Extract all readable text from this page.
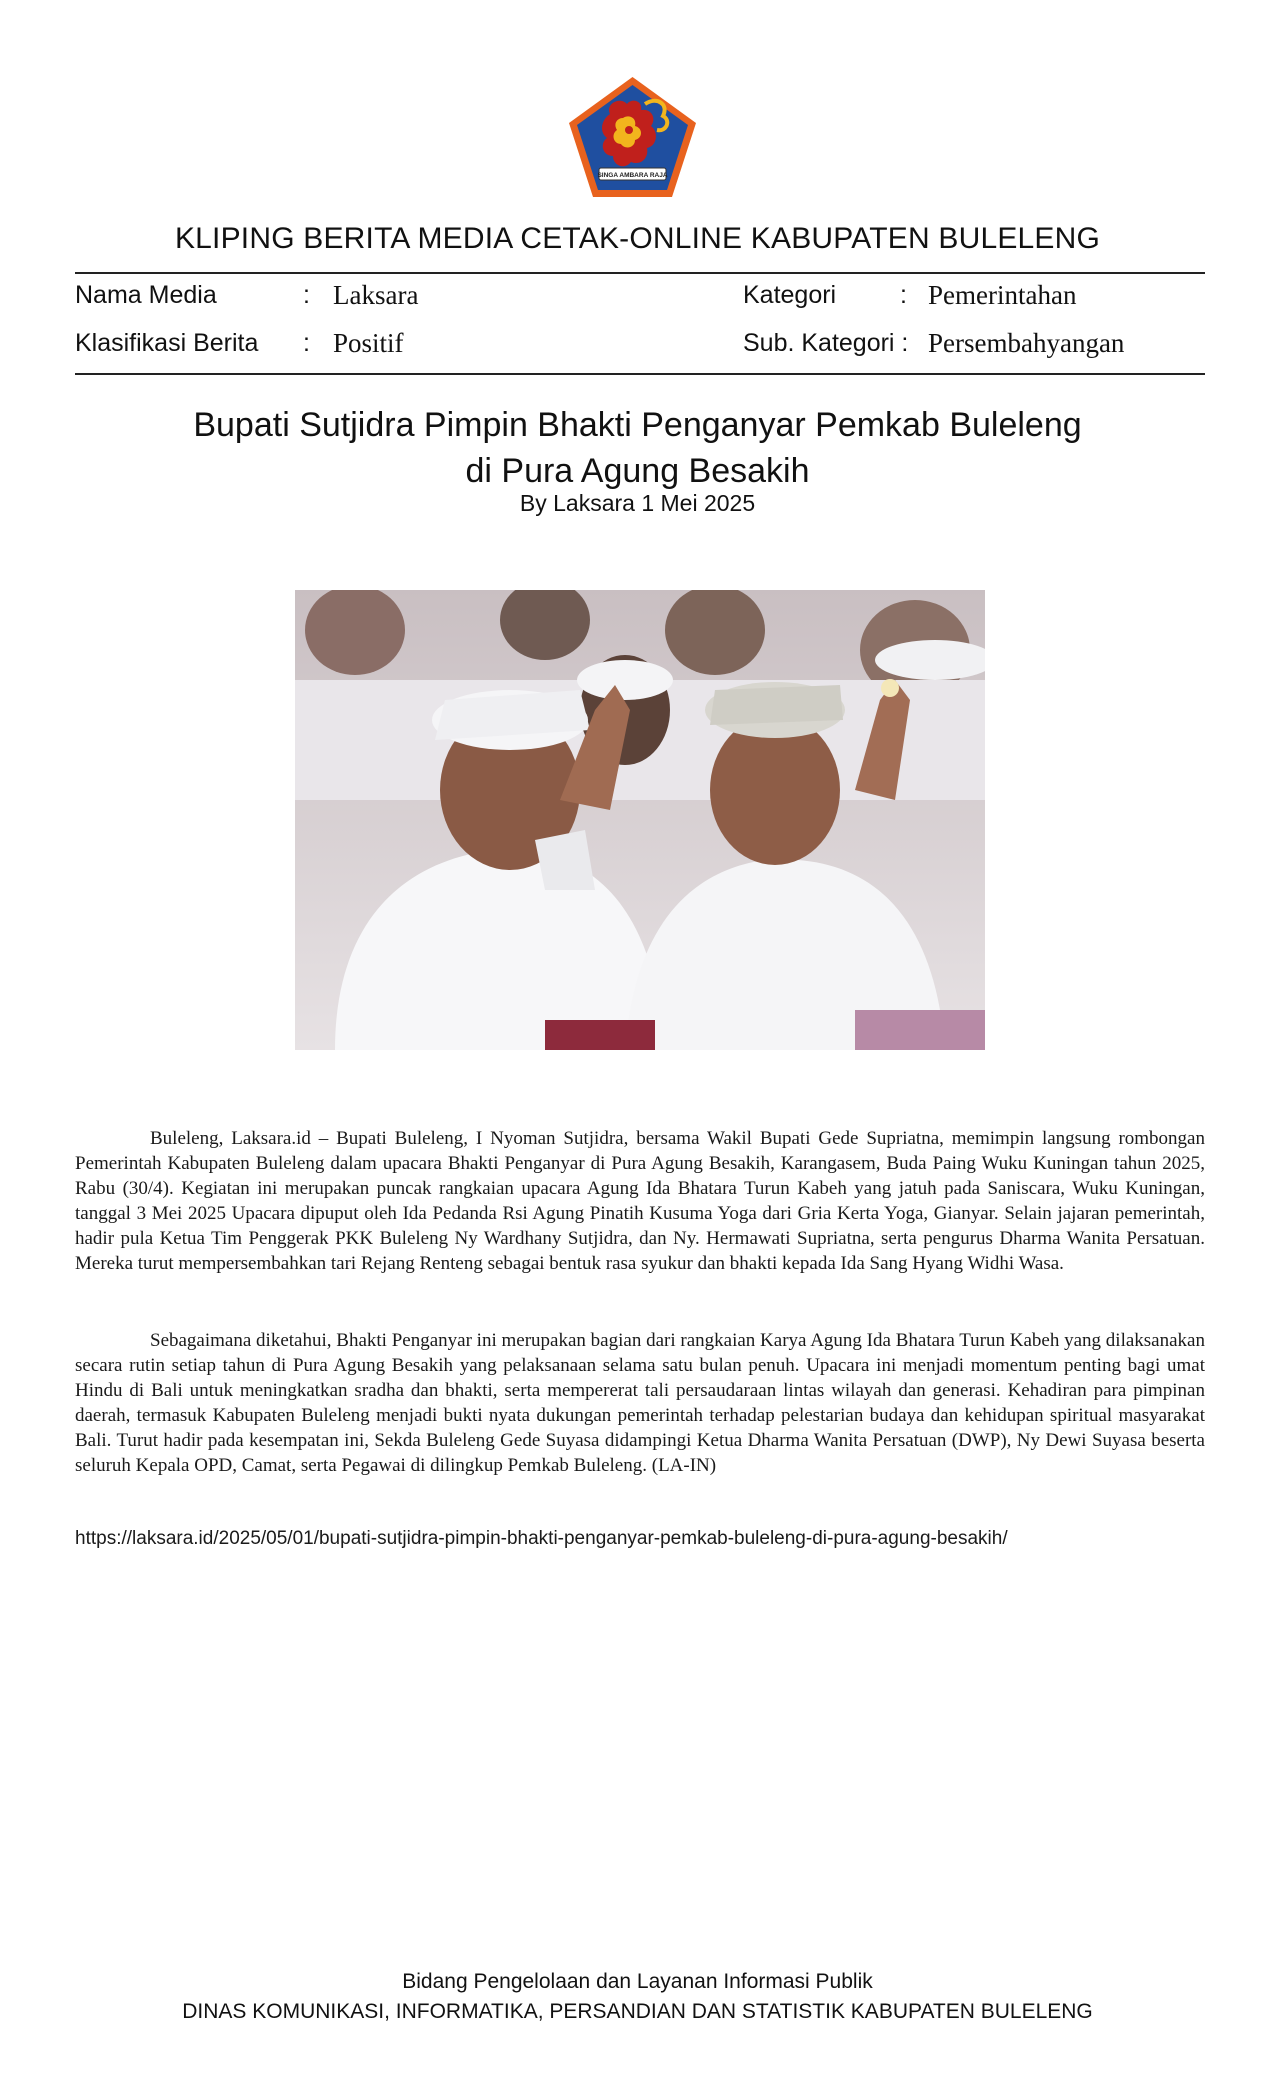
SINGA AMBARA RAJA
KLIPING BERITA MEDIA CETAK-ONLINE KABUPATEN BULELENG
Nama Media	: Laksara
Klasifikasi Berita : Positif
Kategori	: Pemerintahan
Sub. Kategori : Persembahyangan
Bupati Sutjidra Pimpin Bhakti Penganyar Pemkab Buleleng
di Pura Agung Besakih
By Laksara 1 Mei 2025
Buleleng, Laksara.id – Bupati Buleleng, I Nyoman Sutjidra, bersama Wakil Bupati Gede Supriatna, memimpin langsung rombongan Pemerintah Kabupaten Buleleng dalam upacara Bhakti Penganyar di Pura Agung Besakih, Karangasem, Buda Paing Wuku Kuningan tahun 2025, Rabu (30/4). Kegiatan ini merupakan puncak rangkaian upacara Agung Ida Bhatara Turun Kabeh yang jatuh pada Saniscara, Wuku Kuningan, tanggal 3 Mei 2025 Upacara dipuput oleh Ida Pedanda Rsi Agung Pinatih Kusuma Yoga dari Gria Kerta Yoga, Gianyar. Selain jajaran pemerintah, hadir pula Ketua Tim Penggerak PKK Buleleng Ny Wardhany Sutjidra, dan Ny. Hermawati Supriatna, serta pengurus Dharma Wanita Persatuan. Mereka turut mempersembahkan tari Rejang Renteng sebagai bentuk rasa syukur dan bhakti kepada Ida Sang Hyang Widhi Wasa.
Sebagaimana diketahui, Bhakti Penganyar ini merupakan bagian dari rangkaian Karya Agung Ida Bhatara Turun Kabeh yang dilaksanakan secara rutin setiap tahun di Pura Agung Besakih yang pelaksanaan selama satu bulan penuh. Upacara ini menjadi momentum penting bagi umat Hindu di Bali untuk meningkatkan sradha dan bhakti, serta mempererat tali persaudaraan lintas wilayah dan generasi. Kehadiran para pimpinan daerah, termasuk Kabupaten Buleleng menjadi bukti nyata dukungan pemerintah terhadap pelestarian budaya dan kehidupan spiritual masyarakat Bali. Turut hadir pada kesempatan ini, Sekda Buleleng Gede Suyasa didampingi Ketua Dharma Wanita Persatuan (DWP), Ny Dewi Suyasa beserta seluruh Kepala OPD, Camat, serta Pegawai di dilingkup Pemkab Buleleng. (LA-IN)
https://laksara.id/2025/05/01/bupati-sutjidra-pimpin-bhakti-penganyar-pemkab-buleleng-di-pura-agung-besakih/
Bidang Pengelolaan dan Layanan Informasi Publik
DINAS KOMUNIKASI, INFORMATIKA, PERSANDIAN DAN STATISTIK KABUPATEN BULELENG
